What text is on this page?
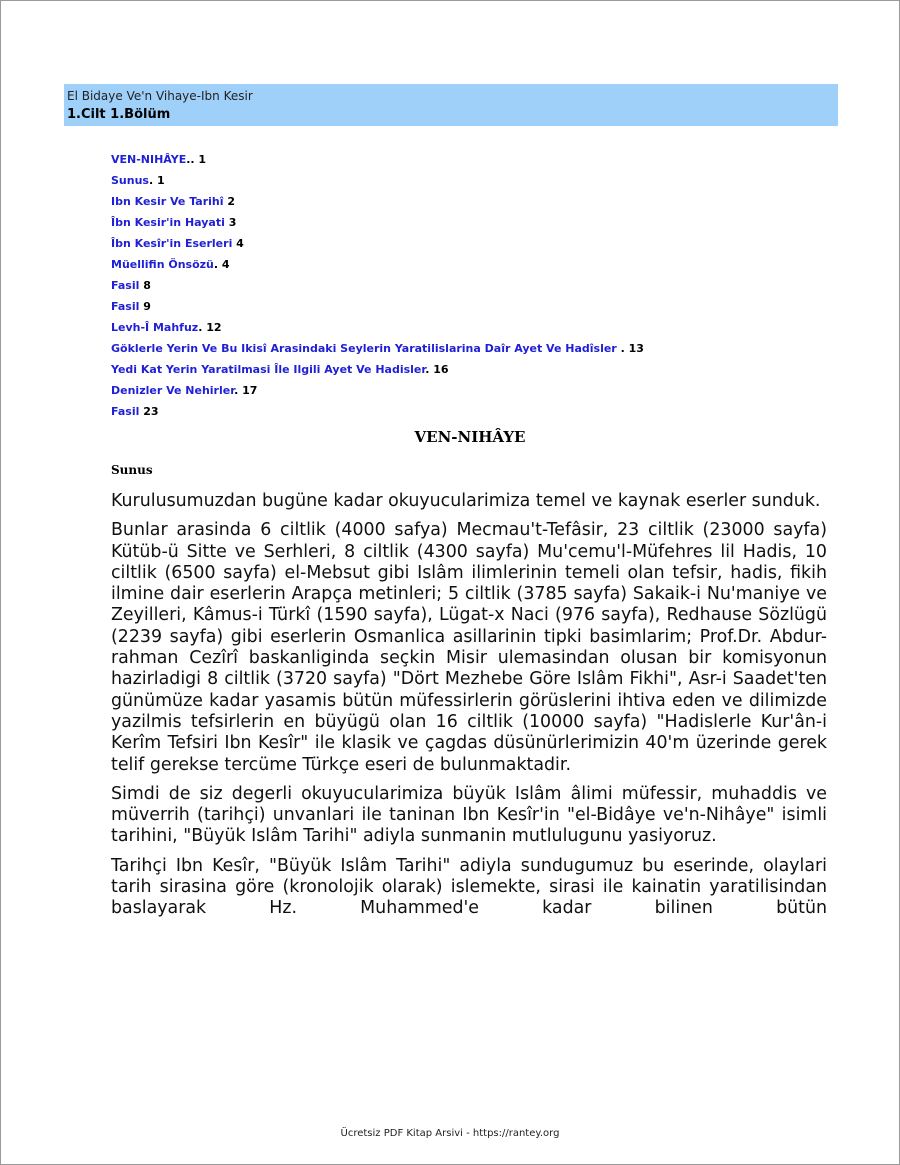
El Bidaye Ve'n Vihaye-Ibn Kesir
1.Cilt 1.Bölüm
VEN-NIHÂYE.. 1
Sunus. 1
Ibn Kesir Ve Tarihî 2
Îbn Kesir'in Hayati 3
Îbn Kesîr'in Eserleri 4
Müellifin Önsözü. 4
Fasil 8
Fasil 9
Levh-Î Mahfuz. 12
Göklerle Yerin Ve Bu Ikisî Arasindaki Seylerin Yaratilislarina Daîr Ayet Ve Hadîsler . 13
Yedi Kat Yerin Yaratilmasi Île Ilgili Ayet Ve Hadisler. 16
Denizler Ve Nehirler. 17
Fasil 23
VEN-NIHÂYE
Sunus

Kurulusumuzdan bugüne kadar okuyucularimiza temel ve kaynak eserler sunduk.

Bunlar arasinda 6 ciltlik (4000 safya) Mecmau't-Tefâsir, 23 ciltlik (23000 sayfa) Kütüb-ü Sitte ve Serhleri, 8 ciltlik (4300 sayfa) Mu'cemu'l-Müfehres lil Hadis, 10 ciltlik (6500 sayfa) el-Mebsut gibi Islâm ilimlerinin temeli olan tefsir, hadis, fikih ilmine dair eserlerin Arapça metinleri; 5 ciltlik (3785 sayfa) Sakaik-i Nu'maniye ve Zeyilleri, Kâmus-i Türkî (1590 sayfa), Lügat-x Naci (976 sayfa), Redhause Sözlügü (2239 sayfa) gibi eserlerin Osmanlica asillarinin tipki basimlarim; Prof.Dr. Abdur-rahman Cezîrî baskanliginda seçkin Misir ulemasindan olusan bir komisyonun hazirladigi 8 ciltlik (3720 sayfa) "Dört Mezhebe Göre Islâm Fikhi", Asr-i Saadet'ten günümüze kadar yasamis bütün müfessirlerin görüslerini ihtiva eden ve dilimizde yazilmis tefsirlerin en büyügü olan 16 ciltlik (10000 sayfa) "Hadislerle Kur'ân-i Kerîm Tefsiri Ibn Kesîr" ile klasik ve çagdas düsünürlerimizin 40'm üzerinde gerek telif gerekse tercüme Türkçe eseri de bulunmaktadir.

Simdi de siz degerli okuyucularimiza büyük Islâm âlimi müfessir, muhaddis ve müverrih (tarihçi) unvanlari ile taninan Ibn Kesîr'in "el-Bidâye ve'n-Nihâye" isimli tarihini, "Büyük Islâm Tarihi" adiyla sunmanin mutlulugunu yasiyoruz.

Tarihçi Ibn Kesîr, "Büyük Islâm Tarihi" adiyla sundugumuz bu eserinde, olaylari tarih sirasina göre (kronolojik olarak) islemekte, sirasi ile kainatin yaratilisindan baslayarak Hz. Muhammed'e kadar bilinen bütün

Ücretsiz PDF Kitap Arsivi - https://rantey.org
